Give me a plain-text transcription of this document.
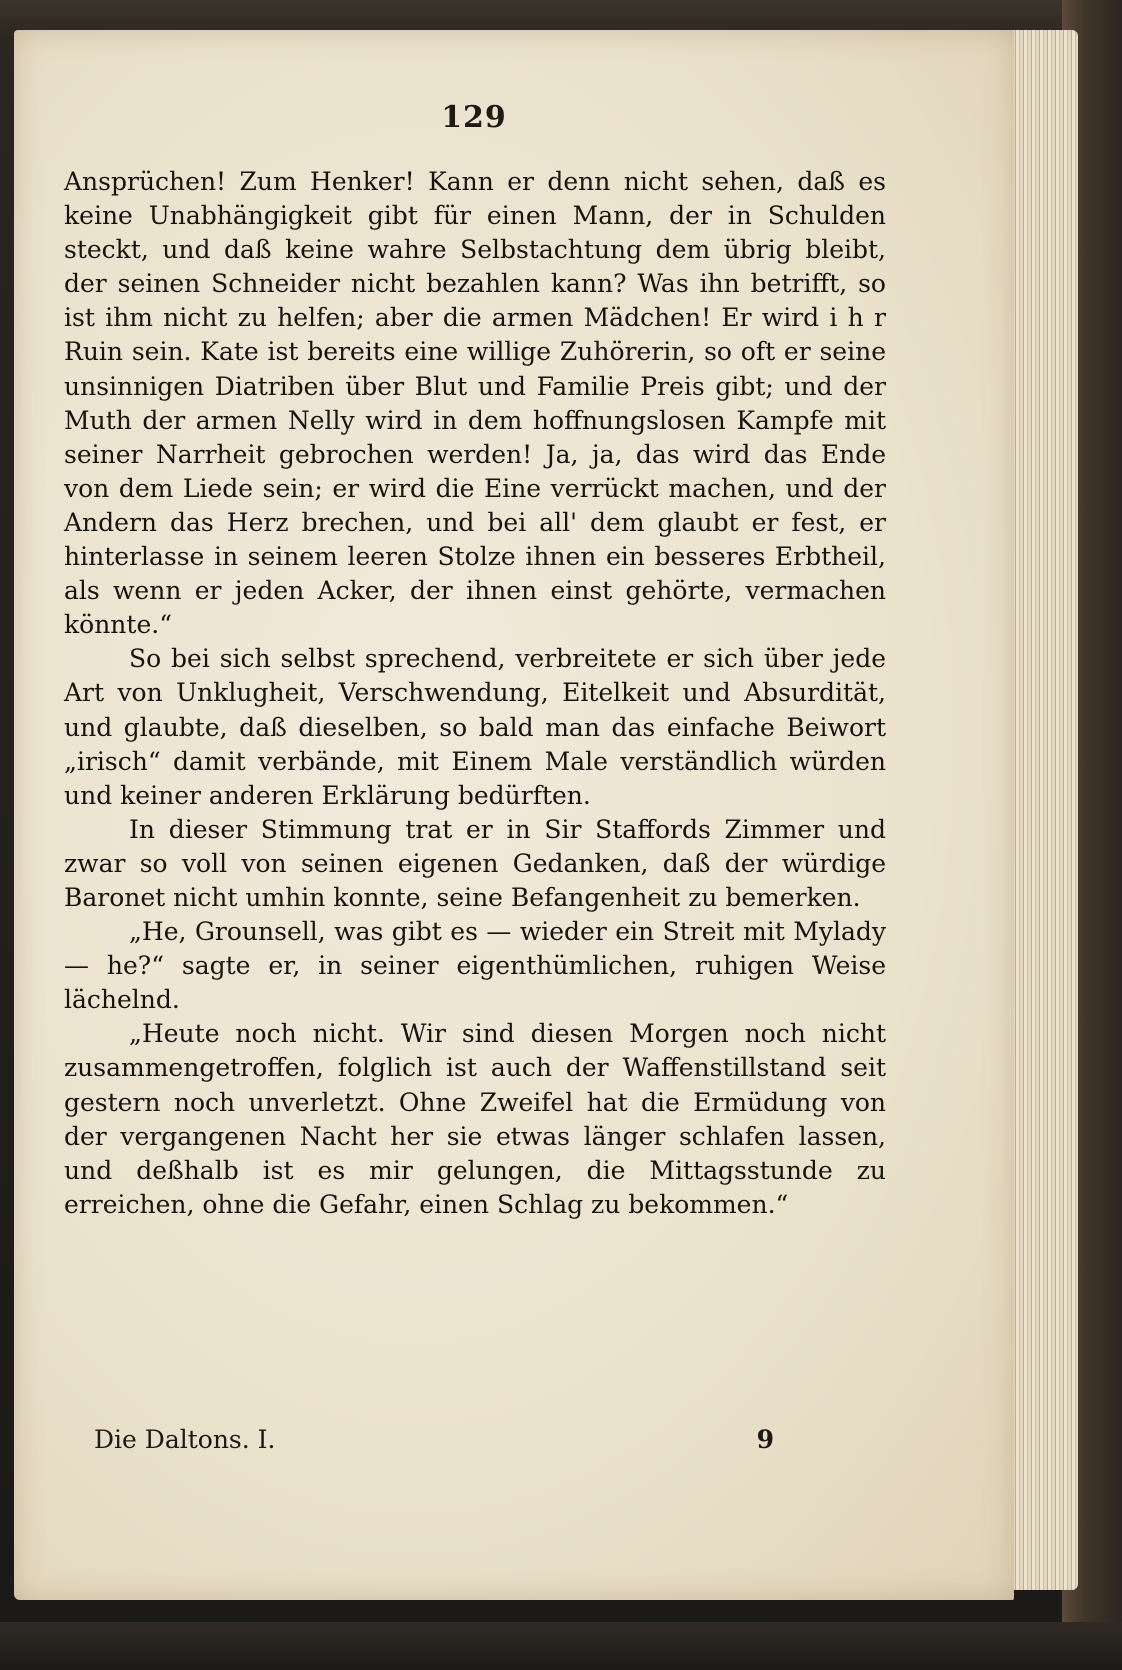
129

Ansprüchen! Zum Henker! Kann er denn nicht sehen, daß es keine Unabhängigkeit gibt für einen Mann, der in Schulden steckt, und daß keine wahre Selbstachtung dem übrig bleibt, der seinen Schneider nicht bezahlen kann? Was ihn betrifft, so ist ihm nicht zu helfen; aber die armen Mädchen! Er wird i h r Ruin sein. Kate ist bereits eine willige Zuhörerin, so oft er seine unsinnigen Diatriben über Blut und Familie Preis gibt; und der Muth der armen Nelly wird in dem hoffnungslosen Kampfe mit seiner Narrheit gebrochen werden! Ja, ja, das wird das Ende von dem Liede sein; er wird die Eine verrückt machen, und der Andern das Herz brechen, und bei all' dem glaubt er fest, er hinterlasse in seinem leeren Stolze ihnen ein besseres Erbtheil, als wenn er jeden Acker, der ihnen einst gehörte, vermachen könnte.“

So bei sich selbst sprechend, verbreitete er sich über jede Art von Unklugheit, Verschwendung, Eitelkeit und Absurdität, und glaubte, daß dieselben, so bald man das einfache Beiwort „irisch“ damit verbände, mit Einem Male verständlich würden und keiner anderen Erklärung bedürften.

In dieser Stimmung trat er in Sir Staffords Zimmer und zwar so voll von seinen eigenen Gedanken, daß der würdige Baronet nicht umhin konnte, seine Befangenheit zu bemerken.

„He, Grounsell, was gibt es — wieder ein Streit mit Mylady — he?“ sagte er, in seiner eigenthümlichen, ruhigen Weise lächelnd.

„Heute noch nicht. Wir sind diesen Morgen noch nicht zusammengetroffen, folglich ist auch der Waffenstillstand seit gestern noch unverletzt. Ohne Zweifel hat die Ermüdung von der vergangenen Nacht her sie etwas länger schlafen lassen, und deßhalb ist es mir gelungen, die Mittagsstunde zu erreichen, ohne die Gefahr, einen Schlag zu bekommen.“

Die Daltons. I.	9
